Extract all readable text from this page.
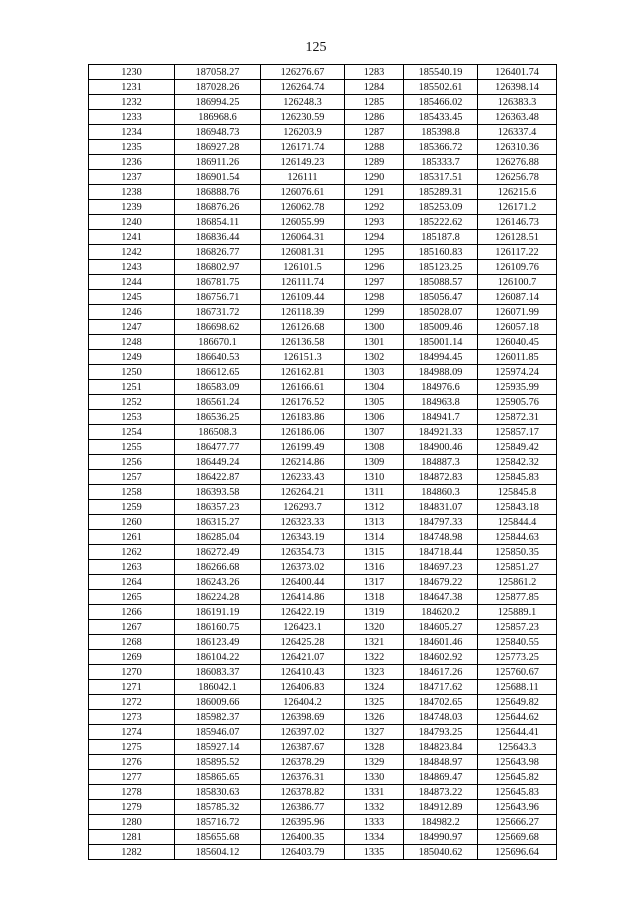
125
1230	187058.27	126276.67	1283	185540.19	126401.74
1231	187028.26	126264.74	1284	185502.61	126398.14
1232	186994.25	126248.3	1285	185466.02	126383.3
1233	186968.6	126230.59	1286	185433.45	126363.48
1234	186948.73	126203.9	1287	185398.8	126337.4
1235	186927.28	126171.74	1288	185366.72	126310.36
1236	186911.26	126149.23	1289	185333.7	126276.88
1237	186901.54	126111	1290	185317.51	126256.78
1238	186888.76	126076.61	1291	185289.31	126215.6
1239	186876.26	126062.78	1292	185253.09	126171.2
1240	186854.11	126055.99	1293	185222.62	126146.73
1241	186836.44	126064.31	1294	185187.8	126128.51
1242	186826.77	126081.31	1295	185160.83	126117.22
1243	186802.97	126101.5	1296	185123.25	126109.76
1244	186781.75	126111.74	1297	185088.57	126100.7
1245	186756.71	126109.44	1298	185056.47	126087.14
1246	186731.72	126118.39	1299	185028.07	126071.99
1247	186698.62	126126.68	1300	185009.46	126057.18
1248	186670.1	126136.58	1301	185001.14	126040.45
1249	186640.53	126151.3	1302	184994.45	126011.85
1250	186612.65	126162.81	1303	184988.09	125974.24
1251	186583.09	126166.61	1304	184976.6	125935.99
1252	186561.24	126176.52	1305	184963.8	125905.76
1253	186536.25	126183.86	1306	184941.7	125872.31
1254	186508.3	126186.06	1307	184921.33	125857.17
1255	186477.77	126199.49	1308	184900.46	125849.42
1256	186449.24	126214.86	1309	184887.3	125842.32
1257	186422.87	126233.43	1310	184872.83	125845.83
1258	186393.58	126264.21	1311	184860.3	125845.8
1259	186357.23	126293.7	1312	184831.07	125843.18
1260	186315.27	126323.33	1313	184797.33	125844.4
1261	186285.04	126343.19	1314	184748.98	125844.63
1262	186272.49	126354.73	1315	184718.44	125850.35
1263	186266.68	126373.02	1316	184697.23	125851.27
1264	186243.26	126400.44	1317	184679.22	125861.2
1265	186224.28	126414.86	1318	184647.38	125877.85
1266	186191.19	126422.19	1319	184620.2	125889.1
1267	186160.75	126423.1	1320	184605.27	125857.23
1268	186123.49	126425.28	1321	184601.46	125840.55
1269	186104.22	126421.07	1322	184602.92	125773.25
1270	186083.37	126410.43	1323	184617.26	125760.67
1271	186042.1	126406.83	1324	184717.62	125688.11
1272	186009.66	126404.2	1325	184702.65	125649.82
1273	185982.37	126398.69	1326	184748.03	125644.62
1274	185946.07	126397.02	1327	184793.25	125644.41
1275	185927.14	126387.67	1328	184823.84	125643.3
1276	185895.52	126378.29	1329	184848.97	125643.98
1277	185865.65	126376.31	1330	184869.47	125645.82
1278	185830.63	126378.82	1331	184873.22	125645.83
1279	185785.32	126386.77	1332	184912.89	125643.96
1280	185716.72	126395.96	1333	184982.2	125666.27
1281	185655.68	126400.35	1334	184990.97	125669.68
1282	185604.12	126403.79	1335	185040.62	125696.64
